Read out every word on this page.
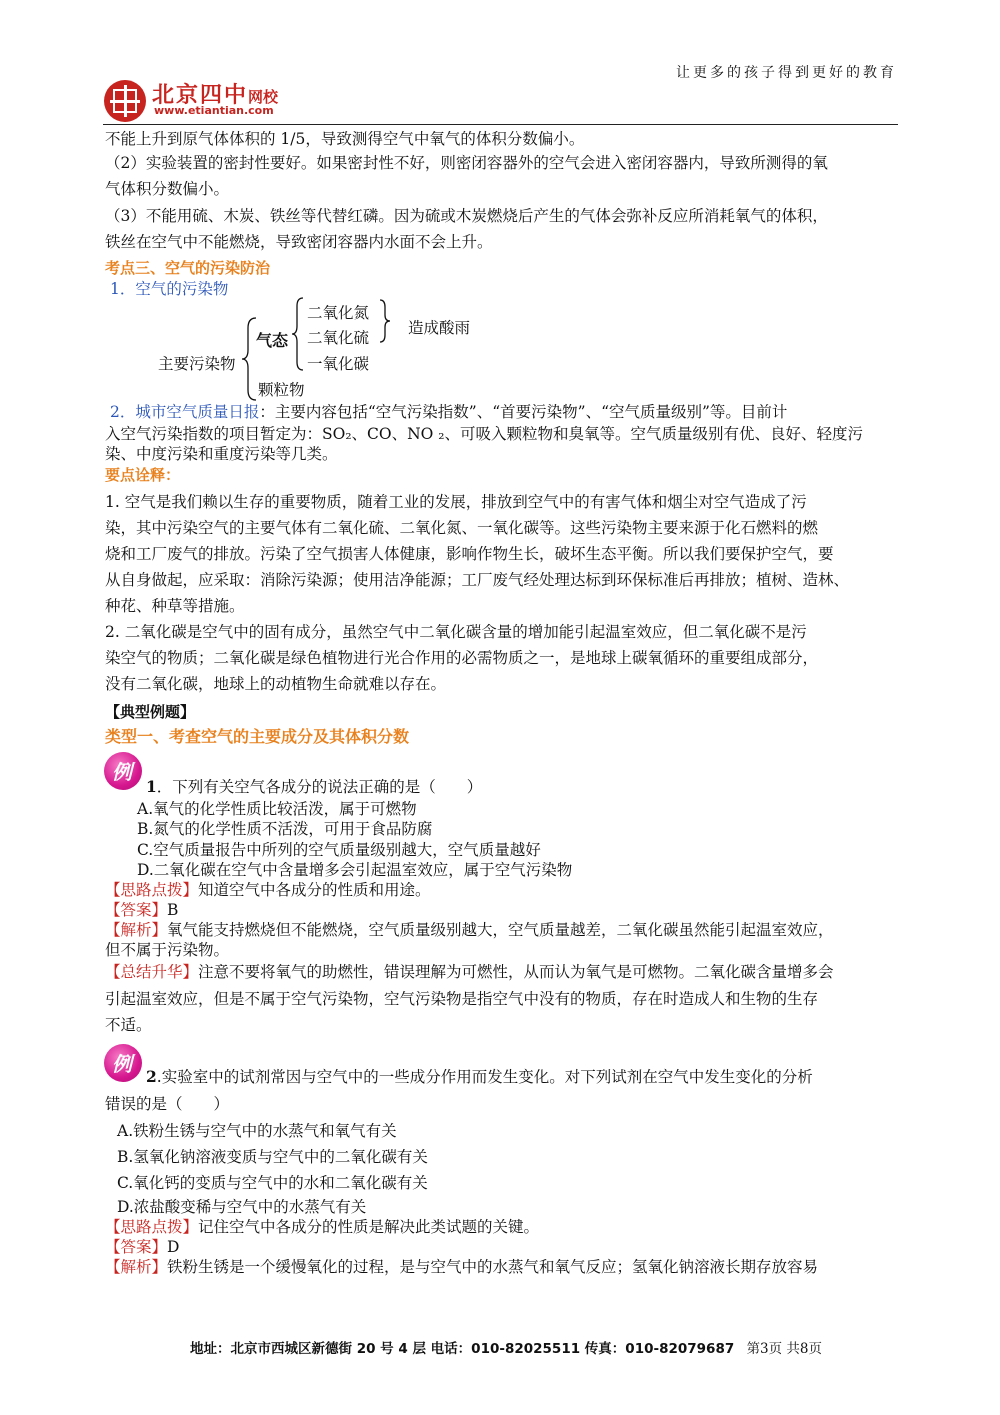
让更多的孩子得到更好的教育
北京四中网校
www.etiantian.com
不能上升到原气体体积的 1/5，导致测得空气中氧气的体积分数偏小。
（2）实验装置的密封性要好。如果密封性不好，则密闭容器外的空气会进入密闭容器内，导致所测得的氧
气体积分数偏小。
（3）不能用硫、木炭、铁丝等代替红磷。因为硫或木炭燃烧后产生的气体会弥补反应所消耗氧气的体积，
铁丝在空气中不能燃烧，导致密闭容器内水面不会上升。
考点三、空气的污染防治
1．空气的污染物
主要污染物
气态
二氧化氮
二氧化硫
一氧化碳
造成酸雨
颗粒物
2．城市空气质量日报：主要内容包括“空气污染指数”、“首要污染物”、“空气质量级别”等。目前计
入空气污染指数的项目暂定为：SO₂、CO、NO ₂、可吸入颗粒物和臭氧等。空气质量级别有优、良好、轻度污
染、中度污染和重度污染等几类。
要点诠释：
1. 空气是我们赖以生存的重要物质，随着工业的发展，排放到空气中的有害气体和烟尘对空气造成了污
染，其中污染空气的主要气体有二氧化硫、二氧化氮、一氧化碳等。这些污染物主要来源于化石燃料的燃
烧和工厂废气的排放。污染了空气损害人体健康，影响作物生长，破坏生态平衡。所以我们要保护空气，要
从自身做起，应采取：消除污染源；使用洁净能源；工厂废气经处理达标到环保标准后再排放；植树、造林、
种花、种草等措施。
2. 二氧化碳是空气中的固有成分，虽然空气中二氧化碳含量的增加能引起温室效应，但二氧化碳不是污
染空气的物质；二氧化碳是绿色植物进行光合作用的必需物质之一，是地球上碳氧循环的重要组成部分，
没有二氧化碳，地球上的动植物生命就难以存在。
【典型例题】
类型一、考查空气的主要成分及其体积分数
例
1．下列有关空气各成分的说法正确的是（　　）
A.氧气的化学性质比较活泼，属于可燃物
B.氮气的化学性质不活泼，可用于食品防腐
C.空气质量报告中所列的空气质量级别越大，空气质量越好
D.二氧化碳在空气中含量增多会引起温室效应，属于空气污染物
【思路点拨】知道空气中各成分的性质和用途。
【答案】B
【解析】氧气能支持燃烧但不能燃烧，空气质量级别越大，空气质量越差，二氧化碳虽然能引起温室效应，
但不属于污染物。
【总结升华】注意不要将氧气的助燃性，错误理解为可燃性，从而认为氧气是可燃物。二氧化碳含量增多会
引起温室效应，但是不属于空气污染物，空气污染物是指空气中没有的物质，存在时造成人和生物的生存
不适。
例
2.实验室中的试剂常因与空气中的一些成分作用而发生变化。对下列试剂在空气中发生变化的分析
错误的是（　　）
A.铁粉生锈与空气中的水蒸气和氧气有关
B.氢氧化钠溶液变质与空气中的二氧化碳有关
C.氧化钙的变质与空气中的水和二氧化碳有关
D.浓盐酸变稀与空气中的水蒸气有关
【思路点拨】记住空气中各成分的性质是解决此类试题的关键。
【答案】D
【解析】铁粉生锈是一个缓慢氧化的过程，是与空气中的水蒸气和氧气反应；氢氧化钠溶液长期存放容易
地址：北京市西城区新德街 20 号 4 层 电话：010-82025511 传真：010-82079687 第3页 共8页
